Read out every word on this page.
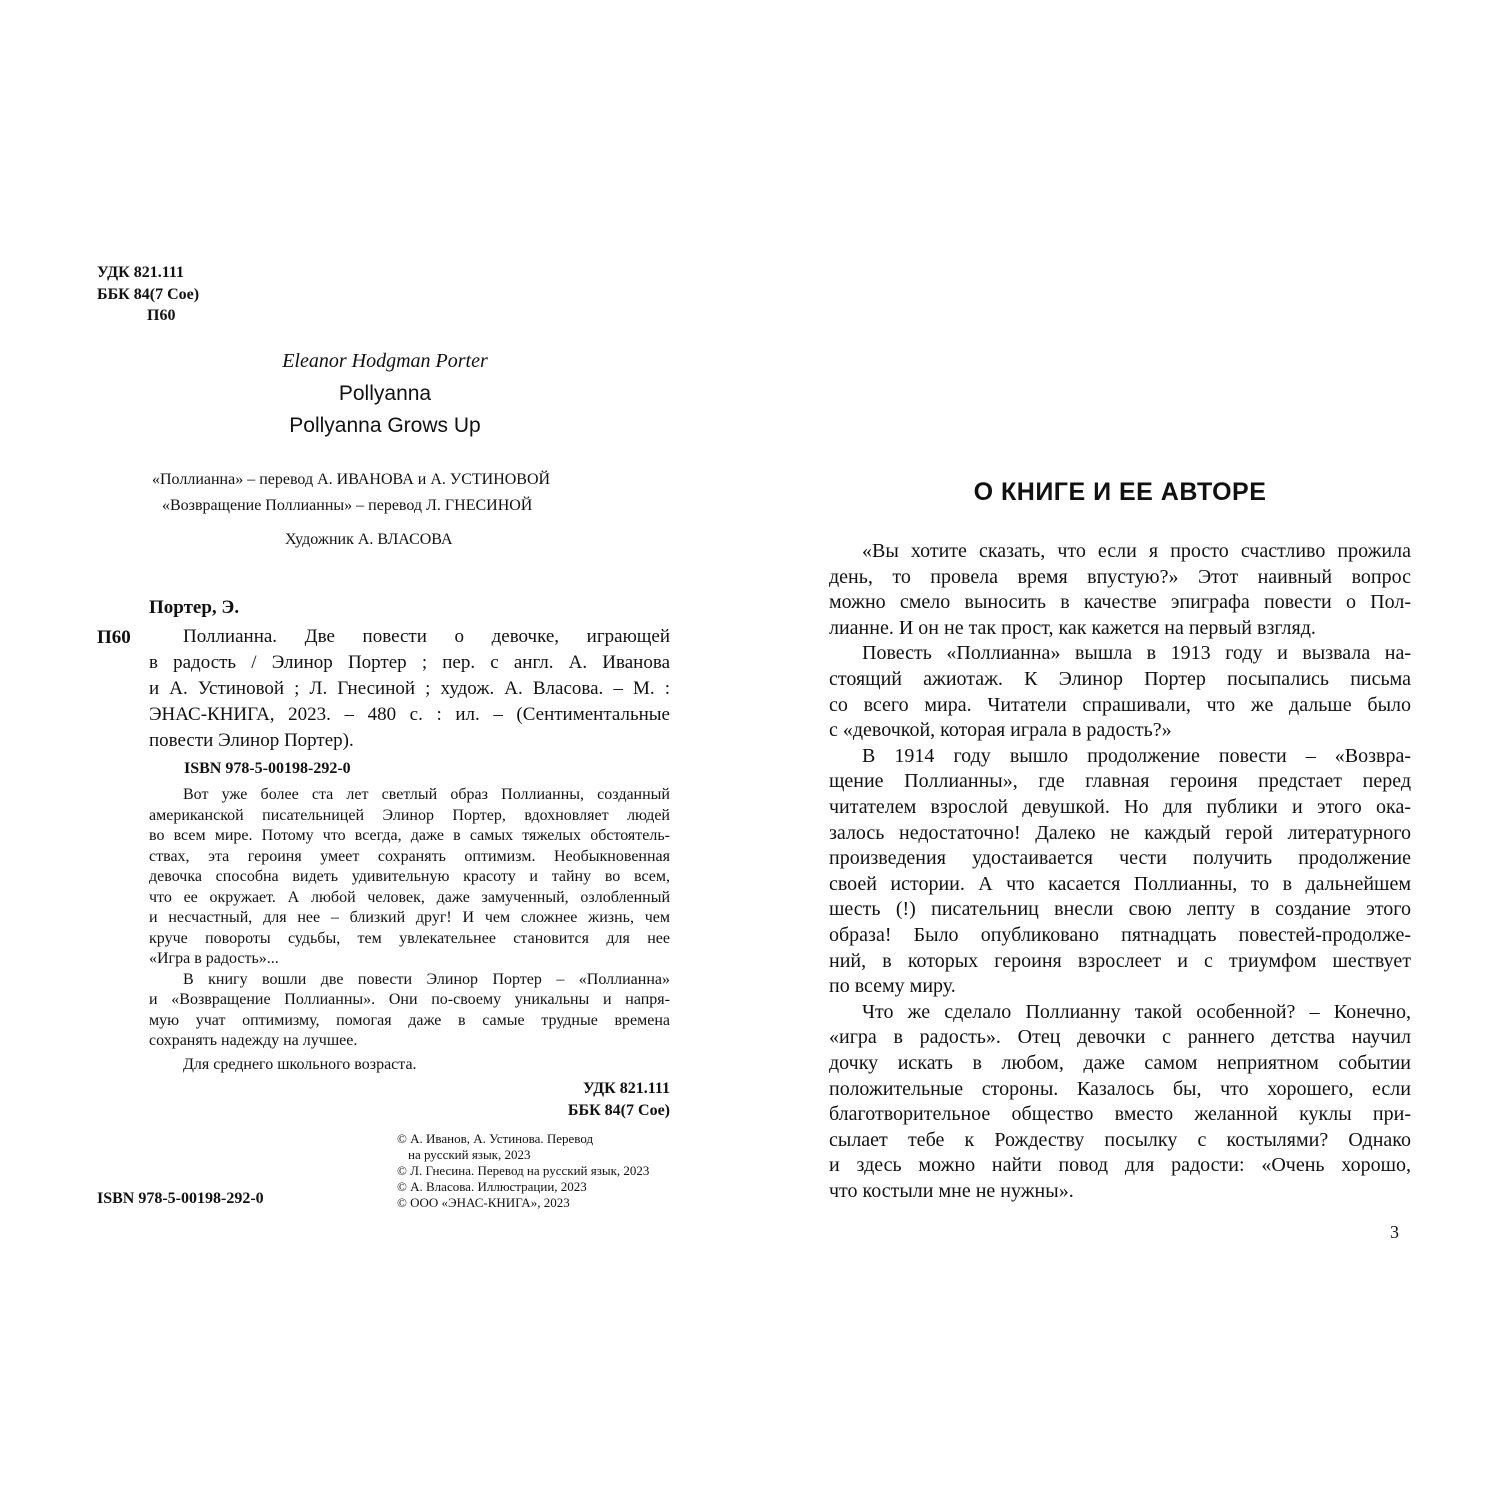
УДК 821.111
ББК 84(7 Сое)
П60
Eleanor Hodgman Porter
Pollyanna
Pollyanna Grows Up
«Поллианна» – перевод А. ИВАНОВА и А. УСТИНОВОЙ
«Возвращение Поллианны» – перевод Л. ГНЕСИНОЙ
Художник А. ВЛАСОВА
Портер, Э.
П60	Поллианна. Две повести о девочке, играющей
в радость / Элинор Портер ; пер. с англ. А. Иванова
и А. Устиновой ; Л. Гнесиной ; худож. А. Власова. – М. :
ЭНАС-КНИГА, 2023. – 480 с. : ил. – (Сентиментальные
повести Элинор Портер).
ISBN 978-5-00198-292-0
Вот уже более ста лет светлый образ Поллианны, созданный
американской писательницей Элинор Портер, вдохновляет людей
во всем мире. Потому что всегда, даже в самых тяжелых обстоятель-
ствах, эта героиня умеет сохранять оптимизм. Необыкновенная
девочка способна видеть удивительную красоту и тайну во всем,
что ее окружает. А любой человек, даже замученный, озлобленный
и несчастный, для нее – близкий друг! И чем сложнее жизнь, чем
круче повороты судьбы, тем увлекательнее становится для нее
«Игра в радость»...
В книгу вошли две повести Элинор Портер – «Поллианна»
и «Возвращение Поллианны». Они по-своему уникальны и напря-
мую учат оптимизму, помогая даже в самые трудные времена
сохранять надежду на лучшее.
Для среднего школьного возраста.
УДК 821.111
ББК 84(7 Сое)
© А. Иванов, А. Устинова. Перевод
на русский язык, 2023
© Л. Гнесина. Перевод на русский язык, 2023
© А. Власова. Иллюстрации, 2023
© ООО «ЭНАС-КНИГА», 2023
ISBN 978-5-00198-292-0
О КНИГЕ И ЕЕ АВТОРЕ
«Вы хотите сказать, что если я просто счастливо прожила
день, то провела время впустую?» Этот наивный вопрос
можно смело выносить в качестве эпиграфа повести о Пол-
лианне. И он не так прост, как кажется на первый взгляд.
Повесть «Поллианна» вышла в 1913 году и вызвала на-
стоящий ажиотаж. К Элинор Портер посыпались письма
со всего мира. Читатели спрашивали, что же дальше было
с «девочкой, которая играла в радость?»
В 1914 году вышло продолжение повести – «Возвра-
щение Поллианны», где главная героиня предстает перед
читателем взрослой девушкой. Но для публики и этого ока-
залось недостаточно! Далеко не каждый герой литературного
произведения удостаивается чести получить продолжение
своей истории. А что касается Поллианны, то в дальнейшем
шесть (!) писательниц внесли свою лепту в создание этого
образа! Было опубликовано пятнадцать повестей-продолже-
ний, в которых героиня взрослеет и с триумфом шествует
по всему миру.
Что же сделало Поллианну такой особенной? – Конечно,
«игра в радость». Отец девочки с раннего детства научил
дочку искать в любом, даже самом неприятном событии
положительные стороны. Казалось бы, что хорошего, если
благотворительное общество вместо желанной куклы при-
сылает тебе к Рождеству посылку с костылями? Однако
и здесь можно найти повод для радости: «Очень хорошо,
что костыли мне не нужны».
3
